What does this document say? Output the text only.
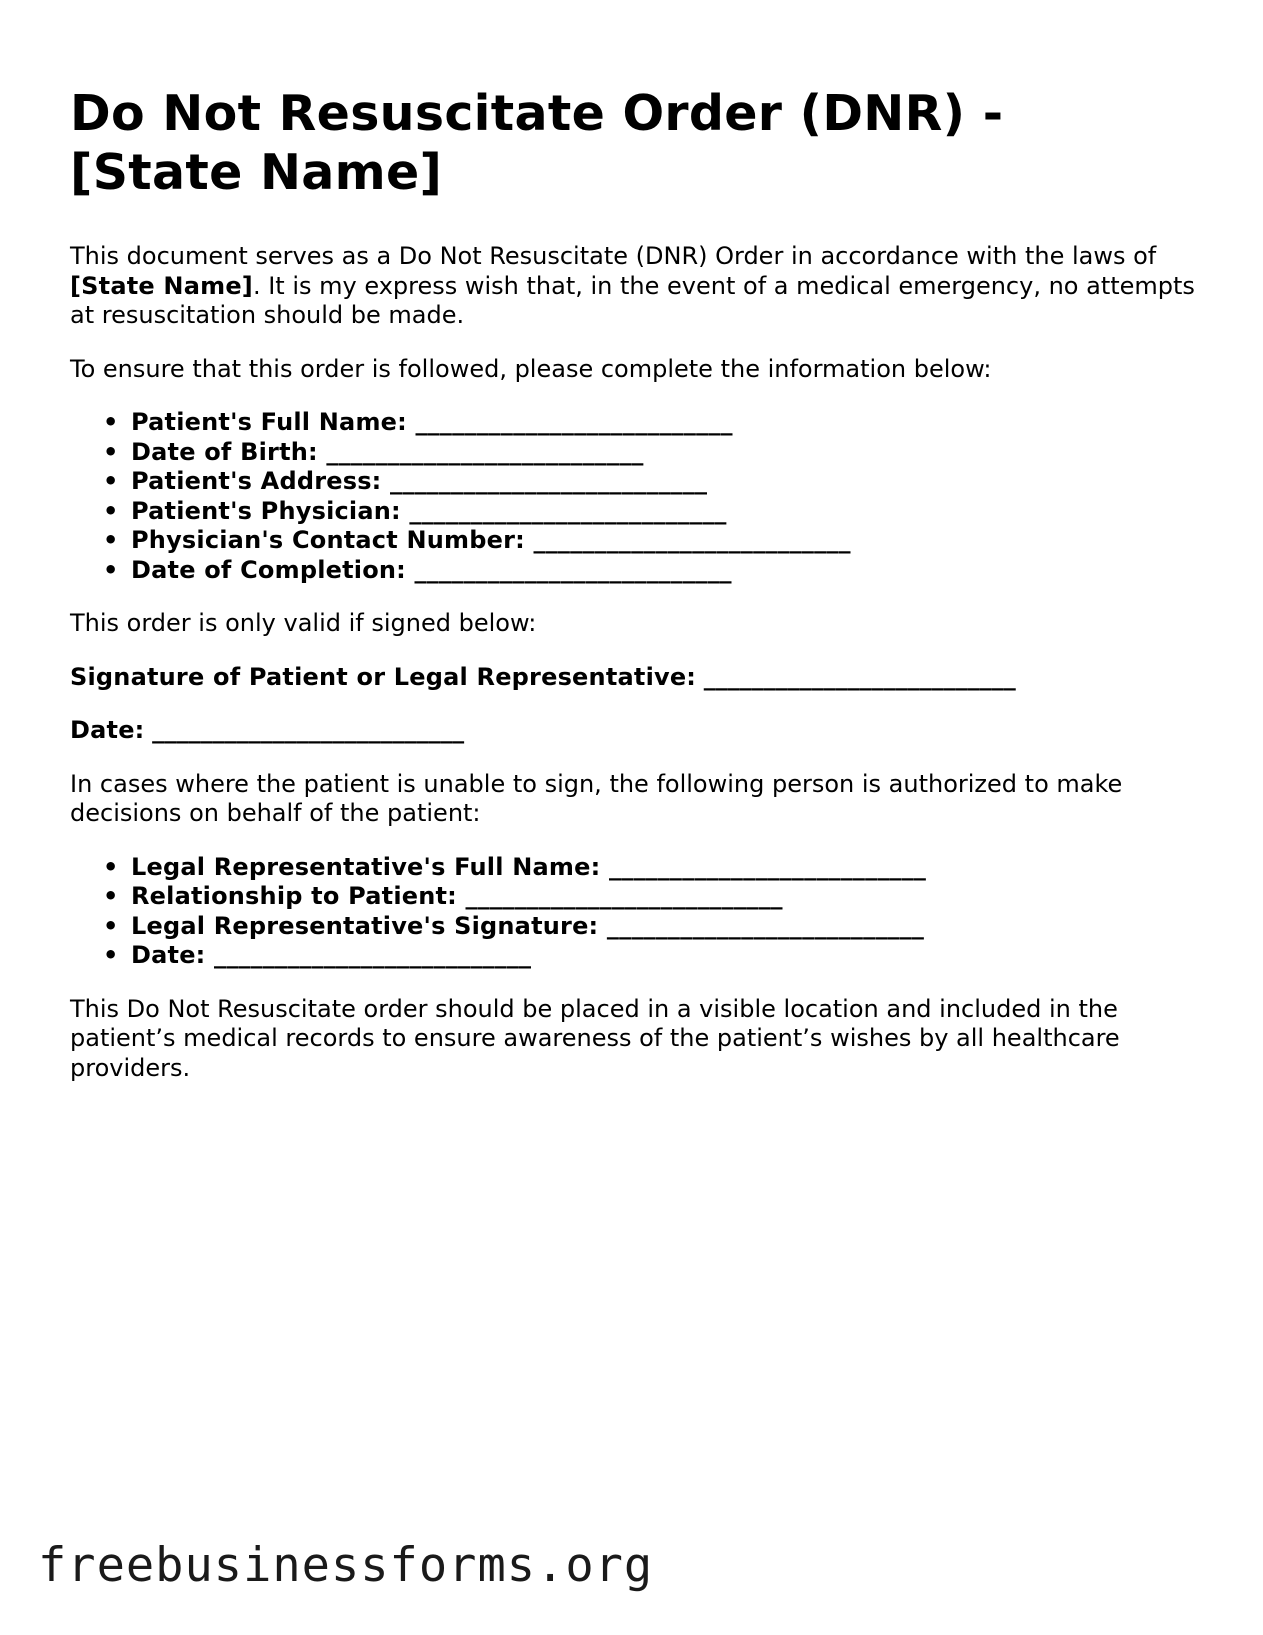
Do Not Resuscitate Order (DNR) -
[State Name]

This document serves as a Do Not Resuscitate (DNR) Order in accordance with the laws of [State Name]. It is my express wish that, in the event of a medical emergency, no attempts at resuscitation should be made.

To ensure that this order is followed, please complete the information below:

• Patient's Full Name: __________________________
• Date of Birth: __________________________
• Patient's Address: __________________________
• Patient's Physician: __________________________
• Physician's Contact Number: __________________________
• Date of Completion: __________________________

This order is only valid if signed below:

Signature of Patient or Legal Representative: __________________________

Date: __________________________

In cases where the patient is unable to sign, the following person is authorized to make decisions on behalf of the patient:

• Legal Representative's Full Name: __________________________
• Relationship to Patient: __________________________
• Legal Representative's Signature: __________________________
• Date: __________________________

This Do Not Resuscitate order should be placed in a visible location and included in the patient’s medical records to ensure awareness of the patient’s wishes by all healthcare providers.

freebusinessforms.org
